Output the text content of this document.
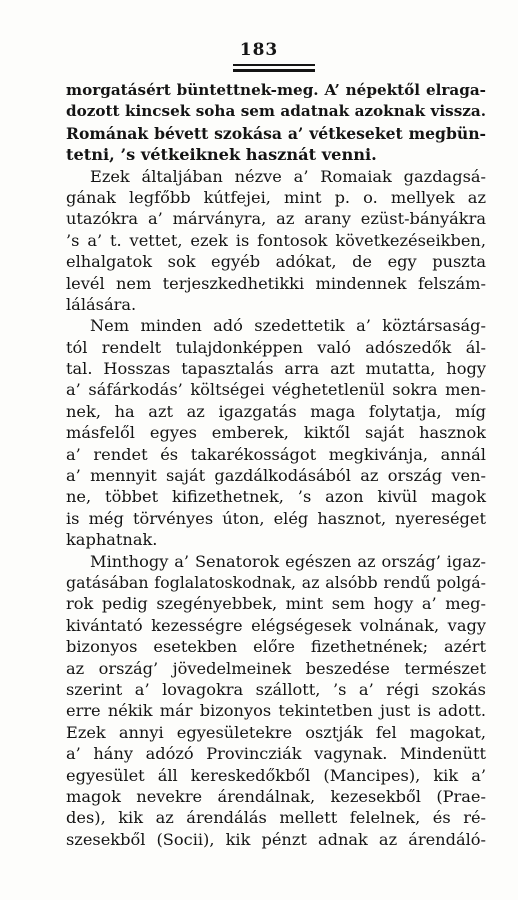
183
morgatásért büntettnek-meg. A’ népektől elraga-
dozott kincsek soha sem adatnak azoknak vissza.
Romának bévett szokása a’ vétkeseket megbün-
tetni, ’s vétkeiknek hasznát venni.
Ezek általjában nézve a’ Romaiak gazdagsá-
gának legfőbb kútfejei, mint p. o. mellyek az
utazókra a’ márványra, az arany ezüst-bányákra
’s a’ t. vettet, ezek is fontosok következéseikben,
elhalgatok sok egyéb adókat, de egy puszta
levél nem terjeszkedhetikki mindennek felszám-
lálására.
Nem minden adó szedettetik a’ köztársaság-
tól rendelt tulajdonképpen való adószedők ál-
tal. Hosszas tapasztalás arra azt mutatta, hogy
a’ sáfárkodás’ költségei véghetetlenül sokra men-
nek, ha azt az igazgatás maga folytatja, míg
másfelől egyes emberek, kiktől saját hasznok
a’ rendet és takarékosságot megkivánja, annál
a’ mennyit saját gazdálkodásából az ország ven-
ne, többet kifizethetnek, ’s azon kivül magok
is még törvényes úton, elég hasznot, nyereséget
kaphatnak.
Minthogy a’ Senatorok egészen az ország’ igaz-
gatásában foglalatoskodnak, az alsóbb rendű polgá-
rok pedig szegényebbek, mint sem hogy a’ meg-
kivántató kezességre elégségesek volnának, vagy
bizonyos esetekben előre fizethetnének; azért
az ország’ jövedelmeinek beszedése természet
szerint a’ lovagokra szállott, ’s a’ régi szokás
erre nékik már bizonyos tekintetben just is adott.
Ezek annyi egyesületekre osztják fel magokat,
a’ hány adózó Provincziák vagynak. Mindenütt
egyesület áll kereskedőkből (Mancipes), kik a’
magok nevekre árendálnak, kezesekből (Prae-
des), kik az árendálás mellett felelnek, és ré-
szesekből (Socii), kik pénzt adnak az árendáló-
